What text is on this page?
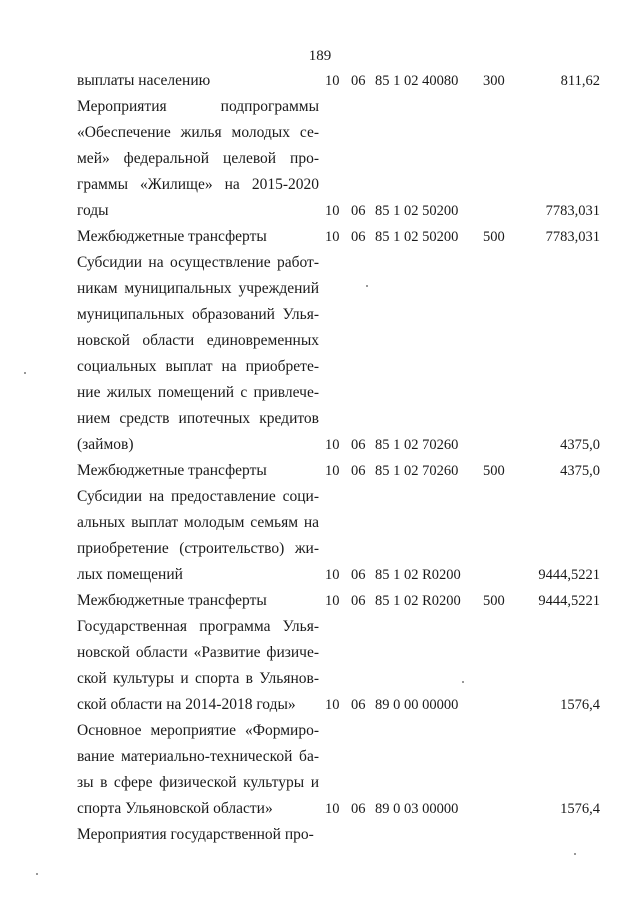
189
выплаты населению	10 06 85 1 02 40080 300	811,62
Мероприятия подпрограммы
«Обеспечение жилья молодых се-
мей» федеральной целевой про-
граммы «Жилище» на 2015-2020
годы	10 06 85 1 02 50200	7783,031
Межбюджетные трансферты	10 06 85 1 02 50200 500	7783,031
Субсидии на осуществление работ-
никам муниципальных учреждений
муниципальных образований Улья-
новской области единовременных
социальных выплат на приобрете-
ние жилых помещений с привлече-
нием средств ипотечных кредитов
(займов)	10 06 85 1 02 70260	4375,0
Межбюджетные трансферты	10 06 85 1 02 70260 500	4375,0
Субсидии на предоставление соци-
альных выплат молодым семьям на
приобретение (строительство) жи-
лых помещений	10 06 85 1 02 R0200	9444,5221
Межбюджетные трансферты	10 06 85 1 02 R0200 500 9444,5221
Государственная программа Улья-
новской области «Развитие физиче-
ской культуры и спорта в Ульянов-
ской области на 2014-2018 годы»	10 06 89 0 00 00000	1576,4
Основное мероприятие «Формиро-
вание материально-технической ба-
зы в сфере физической культуры и
спорта Ульяновской области»	10 06 89 0 03 00000	1576,4
Мероприятия государственной про-
